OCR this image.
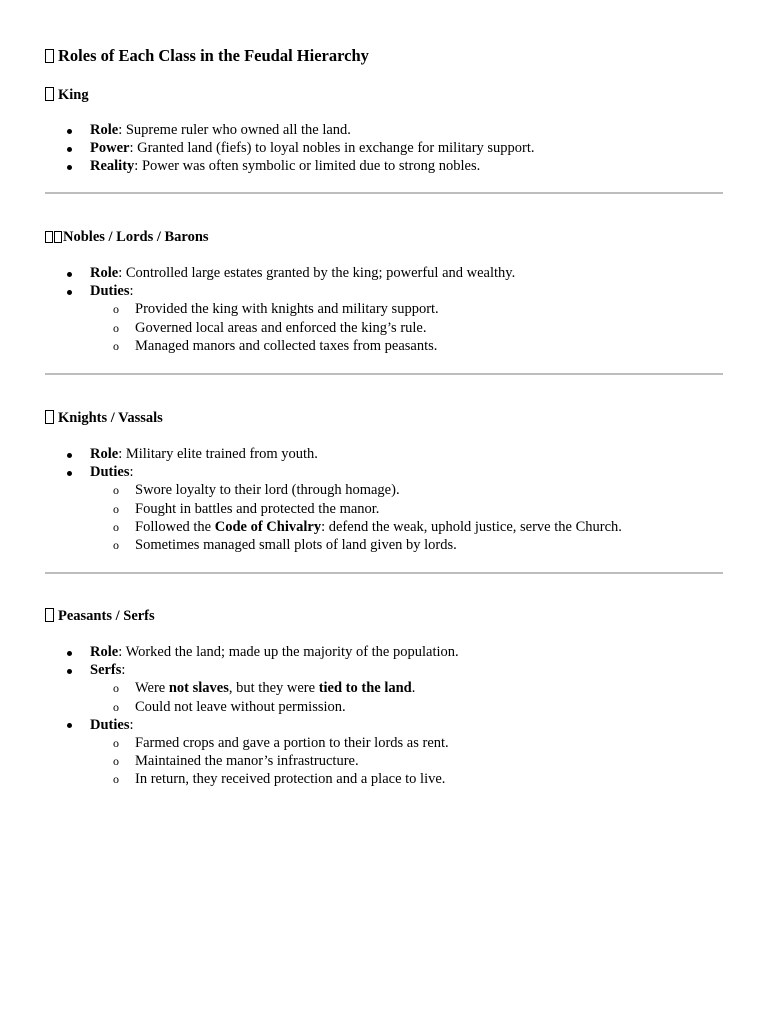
Roles of Each Class in the Feudal Hierarchy
King
Role: Supreme ruler who owned all the land.
Power: Granted land (fiefs) to loyal nobles in exchange for military support.
Reality: Power was often symbolic or limited due to strong nobles.
Nobles / Lords / Barons
Role: Controlled large estates granted by the king; powerful and wealthy.
Duties:
o Provided the king with knights and military support.
o Governed local areas and enforced the king’s rule.
o Managed manors and collected taxes from peasants.
Knights / Vassals
Role: Military elite trained from youth.
Duties:
o Swore loyalty to their lord (through homage).
o Fought in battles and protected the manor.
o Followed the Code of Chivalry: defend the weak, uphold justice, serve the Church.
o Sometimes managed small plots of land given by lords.
Peasants / Serfs
Role: Worked the land; made up the majority of the population.
Serfs:
o Were not slaves, but they were tied to the land.
o Could not leave without permission.
Duties:
o Farmed crops and gave a portion to their lords as rent.
o Maintained the manor’s infrastructure.
o In return, they received protection and a place to live.
